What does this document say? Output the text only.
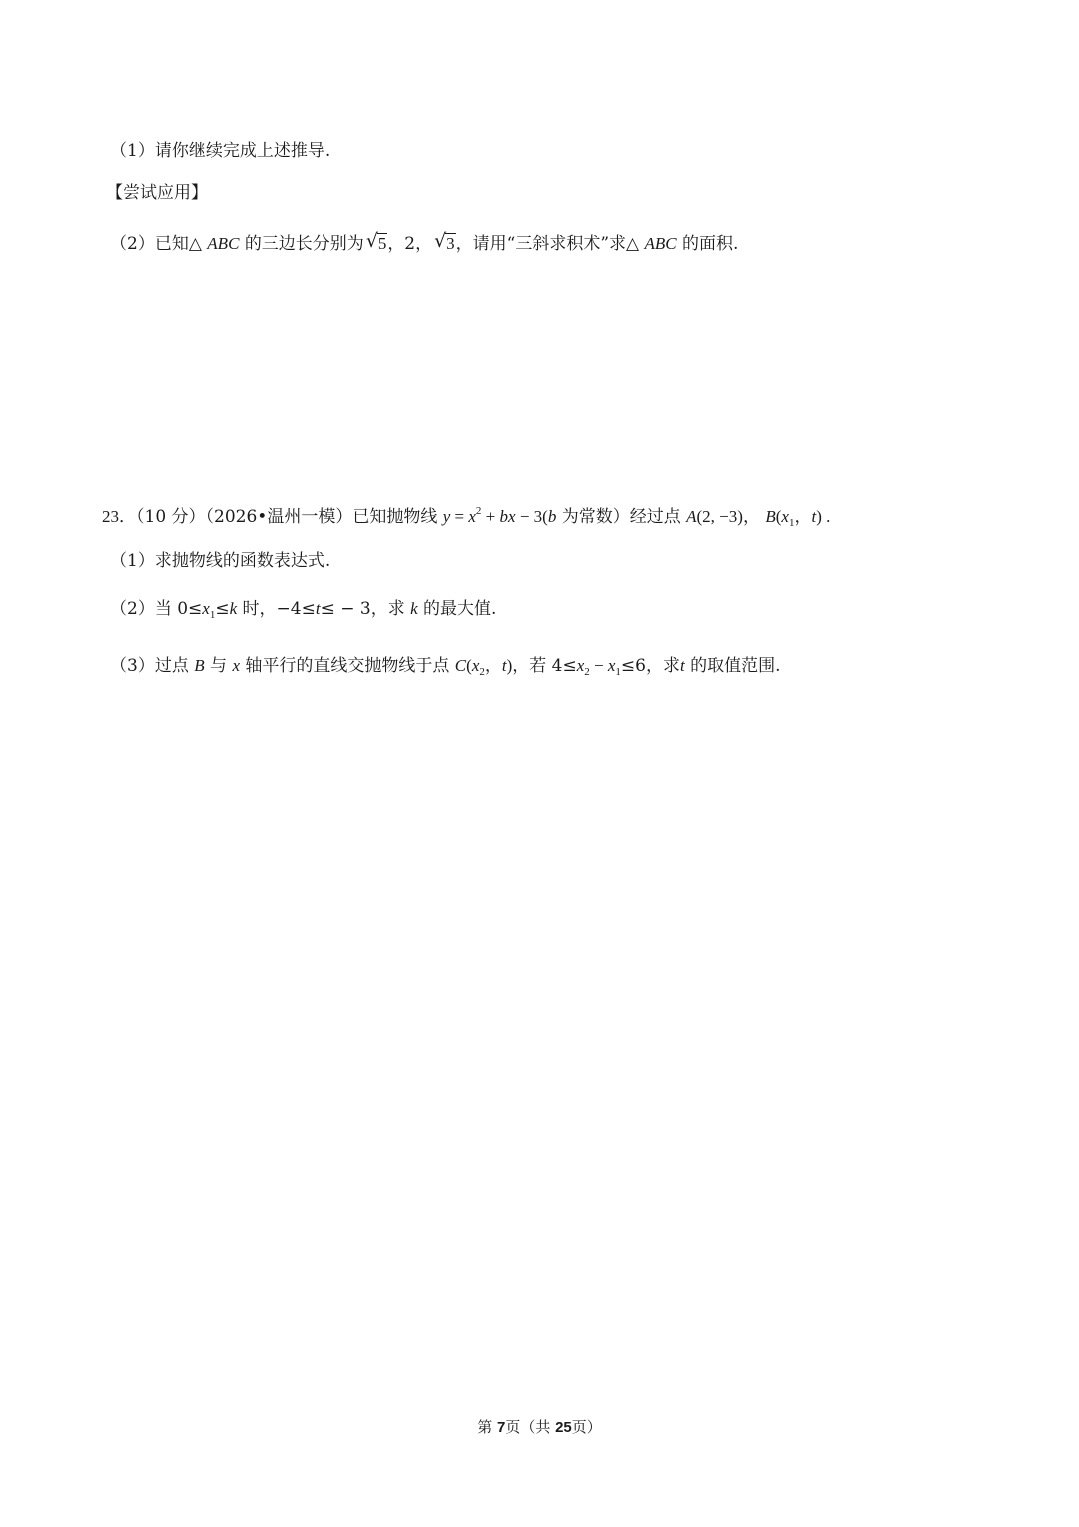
（1）请你继续完成上述推导.
【尝试应用】
（2）已知△ ABC 的三边长分别为 √ 5，2， √ 3，请用“三斜求积术”求△ ABC 的面积.
23．（10 分）（2026•温州一模）已知抛物线 $y = x^2$ + bx − 3(b 为常数）经过点 A(2, −3)， $B(x_1$，t) .
（1）求抛物线的函数表达式.
（2）当 $0\le x_1\le k$ 时，−4≤t≤ − 3，求 k 的最大值.
（3）过点 B 与 x 轴平行的直线交抛物线于点 $C(x_2$，t)，若 $4\le x_2 - x_1\le 6$，求t 的取值范围.
第 7页（共 25页）
